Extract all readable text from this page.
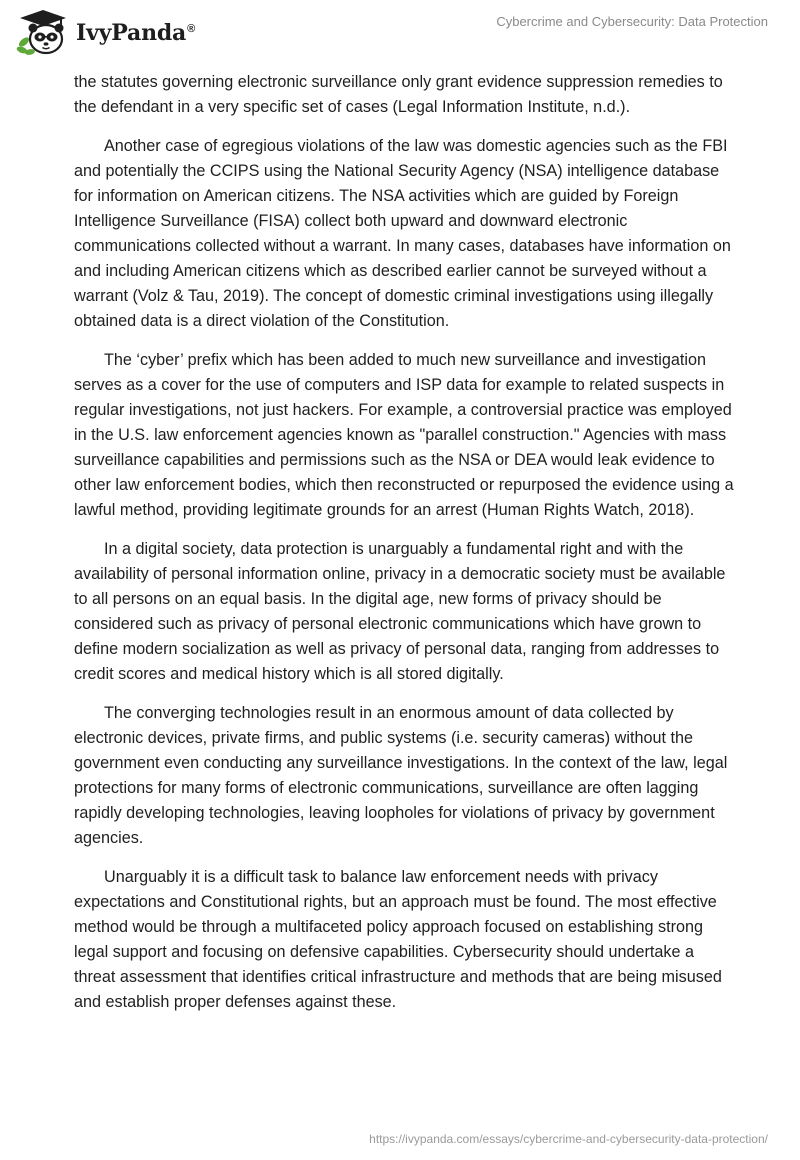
IvyPanda®	Cybercrime and Cybersecurity: Data Protection

the statutes governing electronic surveillance only grant evidence suppression remedies to the defendant in a very specific set of cases (Legal Information Institute, n.d.).

Another case of egregious violations of the law was domestic agencies such as the FBI and potentially the CCIPS using the National Security Agency (NSA) intelligence database for information on American citizens. The NSA activities which are guided by Foreign Intelligence Surveillance (FISA) collect both upward and downward electronic communications collected without a warrant. In many cases, databases have information on and including American citizens which as described earlier cannot be surveyed without a warrant (Volz & Tau, 2019). The concept of domestic criminal investigations using illegally obtained data is a direct violation of the Constitution.

The ‘cyber’ prefix which has been added to much new surveillance and investigation serves as a cover for the use of computers and ISP data for example to related suspects in regular investigations, not just hackers. For example, a controversial practice was employed in the U.S. law enforcement agencies known as "parallel construction." Agencies with mass surveillance capabilities and permissions such as the NSA or DEA would leak evidence to other law enforcement bodies, which then reconstructed or repurposed the evidence using a lawful method, providing legitimate grounds for an arrest (Human Rights Watch, 2018).

In a digital society, data protection is unarguably a fundamental right and with the availability of personal information online, privacy in a democratic society must be available to all persons on an equal basis. In the digital age, new forms of privacy should be considered such as privacy of personal electronic communications which have grown to define modern socialization as well as privacy of personal data, ranging from addresses to credit scores and medical history which is all stored digitally.

The converging technologies result in an enormous amount of data collected by electronic devices, private firms, and public systems (i.e. security cameras) without the government even conducting any surveillance investigations. In the context of the law, legal protections for many forms of electronic communications, surveillance are often lagging rapidly developing technologies, leaving loopholes for violations of privacy by government agencies.

Unarguably it is a difficult task to balance law enforcement needs with privacy expectations and Constitutional rights, but an approach must be found. The most effective method would be through a multifaceted policy approach focused on establishing strong legal support and focusing on defensive capabilities. Cybersecurity should undertake a threat assessment that identifies critical infrastructure and methods that are being misused and establish proper defenses against these.

https://ivypanda.com/essays/cybercrime-and-cybersecurity-data-protection/
